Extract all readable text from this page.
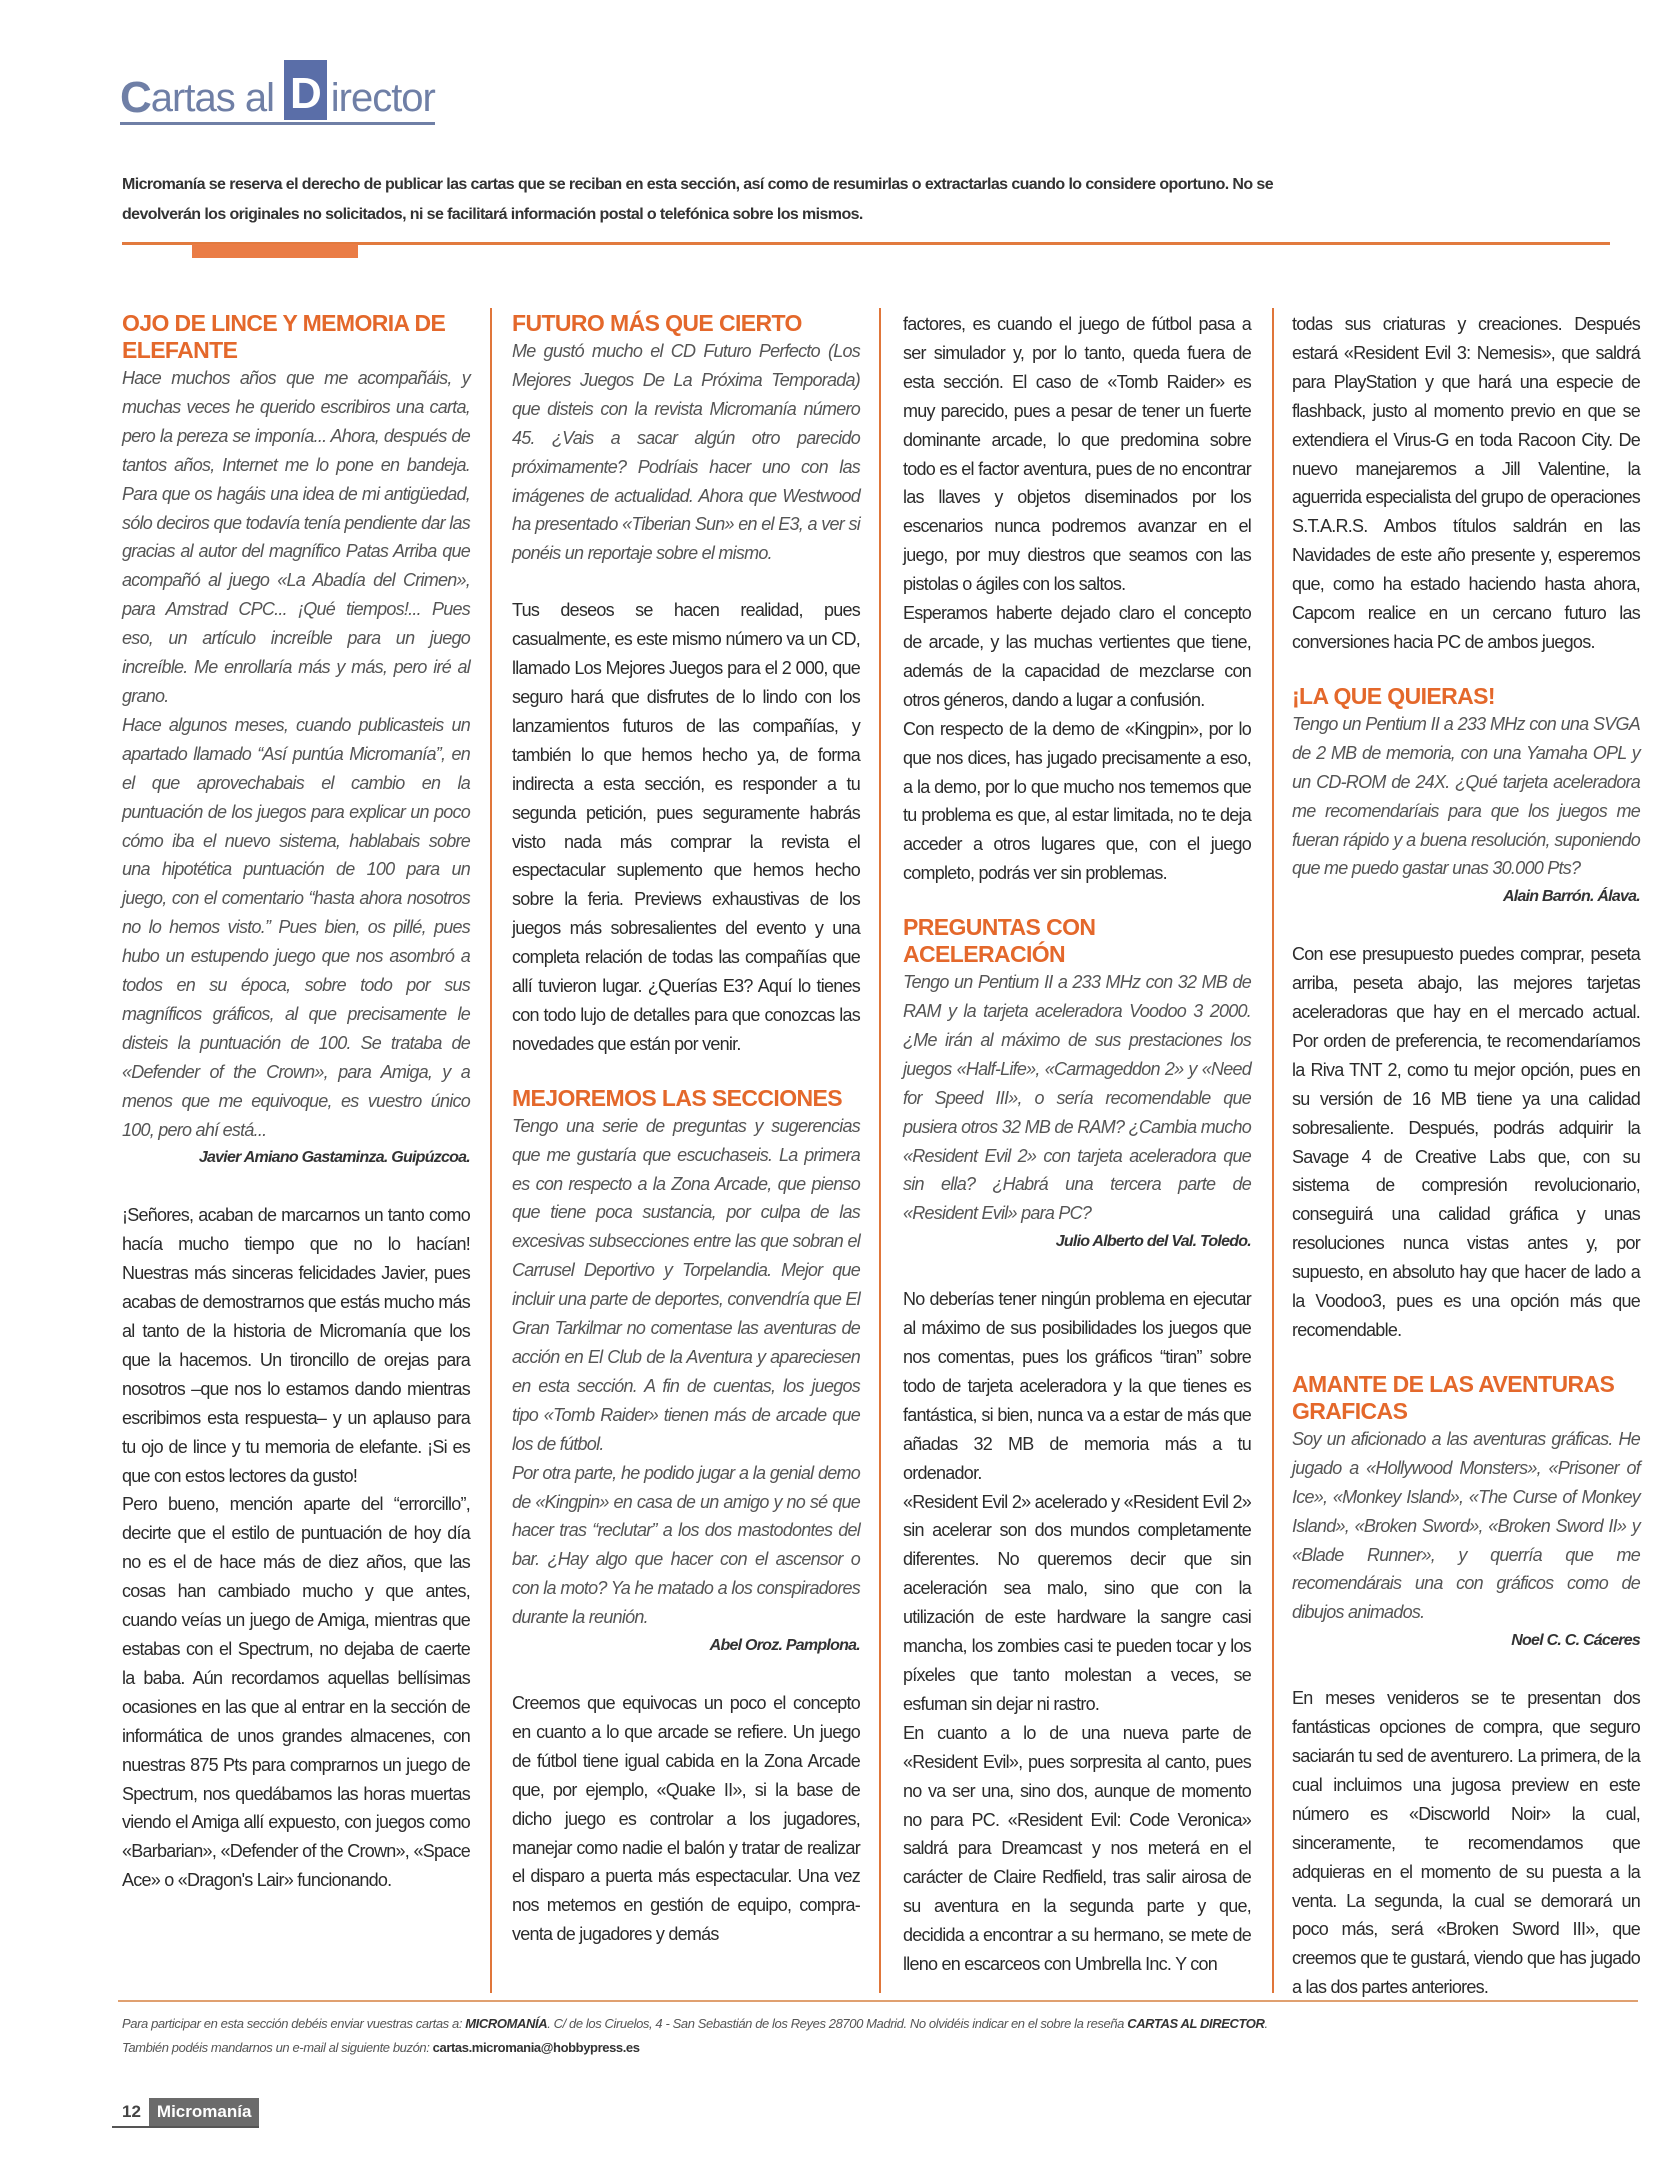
C artas al D irector
Micromanía se reserva el derecho de publicar las cartas que se reciban en esta sección, así como de resumirlas o extractarlas cuando lo considere oportuno. No se devolverán los originales no solicitados, ni se facilitará información postal o telefónica sobre los mismos.
OJO DE LINCE Y MEMORIA DE ELEFANTE

Hace muchos años que me acompañáis, y muchas veces he querido escribiros una carta, pero la pereza se imponía... Ahora, después de tantos años, Internet me lo pone en bandeja. Para que os hagáis una idea de mi antigüedad, sólo deciros que todavía tenía pendiente dar las gracias al autor del magnífico Patas Arriba que acompañó al juego «La Abadía del Crimen», para Amstrad CPC... ¡Qué tiempos!... Pues eso, un artículo increíble para un juego increíble. Me enrollaría más y más, pero iré al grano.

Hace algunos meses, cuando publicasteis un apartado llamado “Así puntúa Micromanía”, en el que aprovechabais el cambio en la puntuación de los juegos para explicar un poco cómo iba el nuevo sistema, hablabais sobre una hipotética puntuación de 100 para un juego, con el comentario “hasta ahora nosotros no lo hemos visto.” Pues bien, os pillé, pues hubo un estupendo juego que nos asombró a todos en su época, sobre todo por sus magníficos gráficos, al que precisamente le disteis la puntuación de 100. Se trataba de «Defender of the Crown», para Amiga, y a menos que me equivoque, es vuestro único 100, pero ahí está...

Javier Amiano Gastaminza. Guipúzcoa.

¡Señores, acaban de marcarnos un tanto como hacía mucho tiempo que no lo hacían! Nuestras más sinceras felicidades Javier, pues acabas de demostrarnos que estás mucho más al tanto de la historia de Micromanía que los que la hacemos. Un tironcillo de orejas para nosotros –que nos lo estamos dando mientras escribimos esta respuesta– y un aplauso para tu ojo de lince y tu memoria de elefante. ¡Si es que con estos lectores da gusto!

Pero bueno, mención aparte del “errorcillo”, decirte que el estilo de puntuación de hoy día no es el de hace más de diez años, que las cosas han cambiado mucho y que antes, cuando veías un juego de Amiga, mientras que estabas con el Spectrum, no dejaba de caerte la baba. Aún recordamos aquellas bellísimas ocasiones en las que al entrar en la sección de informática de unos grandes almacenes, con nuestras 875 Pts para comprarnos un juego de Spectrum, nos quedábamos las horas muertas viendo el Amiga allí expuesto, con juegos como «Barbarian», «Defender of the Crown», «Space Ace» o «Dragon's Lair» funcionando.

FUTURO MÁS QUE CIERTO

Me gustó mucho el CD Futuro Perfecto (Los Mejores Juegos De La Próxima Temporada) que disteis con la revista Micromanía número 45. ¿Vais a sacar algún otro parecido próximamente? Podríais hacer uno con las imágenes de actualidad. Ahora que Westwood ha presentado «Tiberian Sun» en el E3, a ver si ponéis un reportaje sobre el mismo.

Tus deseos se hacen realidad, pues casualmente, es este mismo número va un CD, llamado Los Mejores Juegos para el 2 000, que seguro hará que disfrutes de lo lindo con los lanzamientos futuros de las compañías, y también lo que hemos hecho ya, de forma indirecta a esta sección, es responder a tu segunda petición, pues seguramente habrás visto nada más comprar la revista el espectacular suplemento que hemos hecho sobre la feria. Previews exhaustivas de los juegos más sobresalientes del evento y una completa relación de todas las compañías que allí tuvieron lugar. ¿Querías E3? Aquí lo tienes con todo lujo de detalles para que conozcas las novedades que están por venir.

MEJOREMOS LAS SECCIONES

Tengo una serie de preguntas y sugerencias que me gustaría que escuchaseis. La primera es con respecto a la Zona Arcade, que pienso que tiene poca sustancia, por culpa de las excesivas subsecciones entre las que sobran el Carrusel Deportivo y Torpelandia. Mejor que incluir una parte de deportes, convendría que El Gran Tarkilmar no comentase las aventuras de acción en El Club de la Aventura y apareciesen en esta sección. A fin de cuentas, los juegos tipo «Tomb Raider» tienen más de arcade que los de fútbol.

Por otra parte, he podido jugar a la genial demo de «Kingpin» en casa de un amigo y no sé que hacer tras “reclutar” a los dos mastodontes del bar. ¿Hay algo que hacer con el ascensor o con la moto? Ya he matado a los conspiradores durante la reunión.

Abel Oroz. Pamplona.

Creemos que equivocas un poco el concepto en cuanto a lo que arcade se refiere. Un juego de fútbol tiene igual cabida en la Zona Arcade que, por ejemplo, «Quake II», si la base de dicho juego es controlar a los jugadores, manejar como nadie el balón y tratar de realizar el disparo a puerta más espectacular. Una vez nos metemos en gestión de equipo, compra-venta de jugadores y demás

factores, es cuando el juego de fútbol pasa a ser simulador y, por lo tanto, queda fuera de esta sección. El caso de «Tomb Raider» es muy parecido, pues a pesar de tener un fuerte dominante arcade, lo que predomina sobre todo es el factor aventura, pues de no encontrar las llaves y objetos diseminados por los escenarios nunca podremos avanzar en el juego, por muy diestros que seamos con las pistolas o ágiles con los saltos.

Esperamos haberte dejado claro el concepto de arcade, y las muchas vertientes que tiene, además de la capacidad de mezclarse con otros géneros, dando a lugar a confusión.

Con respecto de la demo de «Kingpin», por lo que nos dices, has jugado precisamente a eso, a la demo, por lo que mucho nos tememos que tu problema es que, al estar limitada, no te deja acceder a otros lugares que, con el juego completo, podrás ver sin problemas.

PREGUNTAS CON ACELERACIÓN

Tengo un Pentium II a 233 MHz con 32 MB de RAM y la tarjeta aceleradora Voodoo 3 2000. ¿Me irán al máximo de sus prestaciones los juegos «Half-Life», «Carmageddon 2» y «Need for Speed III», o sería recomendable que pusiera otros 32 MB de RAM? ¿Cambia mucho «Resident Evil 2» con tarjeta aceleradora que sin ella? ¿Habrá una tercera parte de «Resident Evil» para PC?

Julio Alberto del Val. Toledo.

No deberías tener ningún problema en ejecutar al máximo de sus posibilidades los juegos que nos comentas, pues los gráficos “tiran” sobre todo de tarjeta aceleradora y la que tienes es fantástica, si bien, nunca va a estar de más que añadas 32 MB de memoria más a tu ordenador.

«Resident Evil 2» acelerado y «Resident Evil 2» sin acelerar son dos mundos completamente diferentes. No queremos decir que sin aceleración sea malo, sino que con la utilización de este hardware la sangre casi mancha, los zombies casi te pueden tocar y los píxeles que tanto molestan a veces, se esfuman sin dejar ni rastro.

En cuanto a lo de una nueva parte de «Resident Evil», pues sorpresita al canto, pues no va ser una, sino dos, aunque de momento no para PC. «Resident Evil: Code Veronica» saldrá para Dreamcast y nos meterá en el carácter de Claire Redfield, tras salir airosa de su aventura en la segunda parte y que, decidida a encontrar a su hermano, se mete de lleno en escarceos con Umbrella Inc. Y con

todas sus criaturas y creaciones. Después estará «Resident Evil 3: Nemesis», que saldrá para PlayStation y que hará una especie de flashback, justo al momento previo en que se extendiera el Virus-G en toda Racoon City. De nuevo manejaremos a Jill Valentine, la aguerrida especialista del grupo de operaciones S.T.A.R.S. Ambos títulos saldrán en las Navidades de este año presente y, esperemos que, como ha estado haciendo hasta ahora, Capcom realice en un cercano futuro las conversiones hacia PC de ambos juegos.

¡LA QUE QUIERAS!

Tengo un Pentium II a 233 MHz con una SVGA de 2 MB de memoria, con una Yamaha OPL y un CD-ROM de 24X. ¿Qué tarjeta aceleradora me recomendaríais para que los juegos me fueran rápido y a buena resolución, suponiendo que me puedo gastar unas 30.000 Pts?

Alain Barrón. Álava.

Con ese presupuesto puedes comprar, peseta arriba, peseta abajo, las mejores tarjetas aceleradoras que hay en el mercado actual. Por orden de preferencia, te recomendaríamos la Riva TNT 2, como tu mejor opción, pues en su versión de 16 MB tiene ya una calidad sobresaliente. Después, podrás adquirir la Savage 4 de Creative Labs que, con su sistema de compresión revolucionario, conseguirá una calidad gráfica y unas resoluciones nunca vistas antes y, por supuesto, en absoluto hay que hacer de lado a la Voodoo3, pues es una opción más que recomendable.

AMANTE DE LAS AVENTURAS GRAFICAS

Soy un aficionado a las aventuras gráficas. He jugado a «Hollywood Monsters», «Prisoner of Ice», «Monkey Island», «The Curse of Monkey Island», «Broken Sword», «Broken Sword II» y «Blade Runner», y querría que me recomendárais una con gráficos como de dibujos animados.

Noel C. C. Cáceres

En meses venideros se te presentan dos fantásticas opciones de compra, que seguro saciarán tu sed de aventurero. La primera, de la cual incluimos una jugosa preview en este número es «Discworld Noir» la cual, sinceramente, te recomendamos que adquieras en el momento de su puesta a la venta. La segunda, la cual se demorará un poco más, será «Broken Sword III», que creemos que te gustará, viendo que has jugado a las dos partes anteriores.

Para participar en esta sección debéis enviar vuestras cartas a: MICROMANÍA. C/ de los Ciruelos, 4 - San Sebastián de los Reyes 28700 Madrid. No olvidéis indicar en el sobre la reseña CARTAS AL DIRECTOR.
También podéis mandarnos un e-mail al siguiente buzón: cartas.micromania@hobbypress.es
12 Micromanía
